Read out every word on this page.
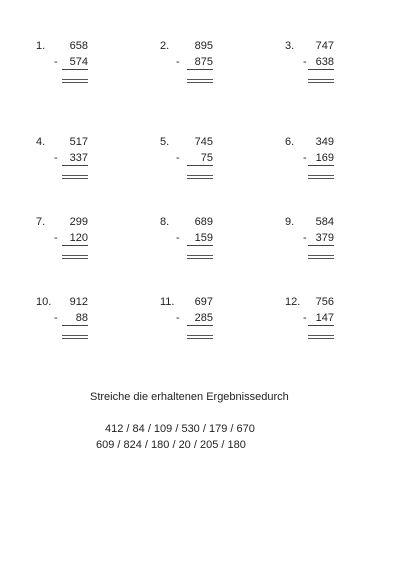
1. 658
- 574
2. 895
- 875
3. 747
- 638
4. 517
- 337
5. 745
- 75
6. 349
- 169
7. 299
- 120
8. 689
- 159
9. 584
- 379
10. 912
- 88
11. 697
- 285
12. 756
- 147
Streiche die erhaltenen Ergebnissedurch
412 / 84 / 109 / 530 / 179 / 670
609 / 824 / 180 / 20 / 205 / 180
